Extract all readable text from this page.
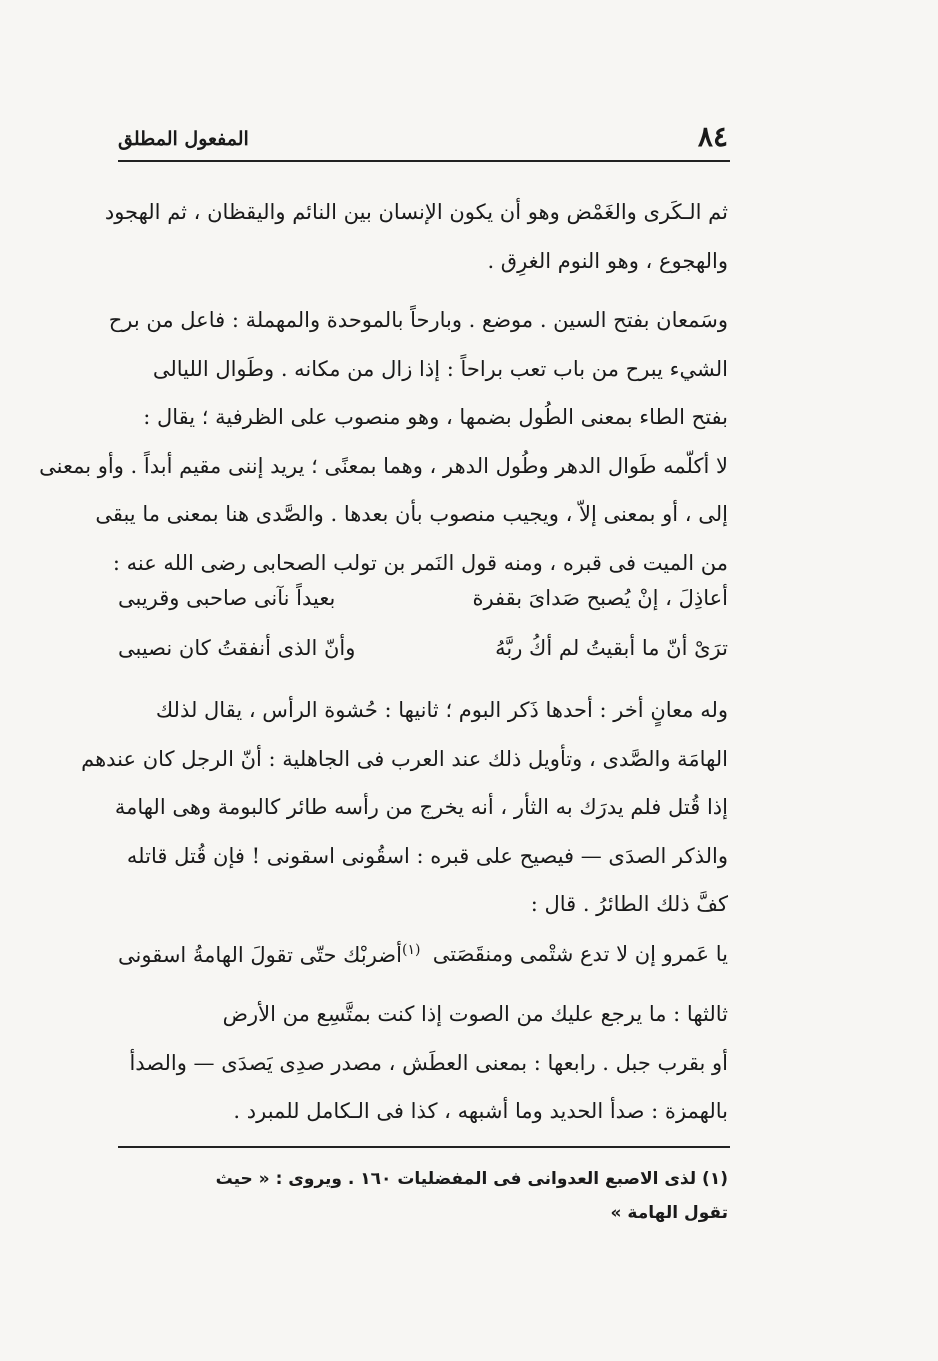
٨٤
المفعول المطلق
ثم الـكَرى والغَمْض وهو أن يكون الإنسان بين النائم واليقظان ، ثم الهجود
والهجوع ، وهو النوم الغرِق .
وسَمعان بفتح السين . موضع . وبارحاً بالموحدة والمهملة : فاعل من برح
الشيء يبرح من باب تعب براحاً : إذا زال من مكانه . وطَوال الليالى
بفتح الطاء بمعنى الطُول بضمها ، وهو منصوب على الظرفية ؛ يقال :
لا أكلّمه طَوال الدهر وطُول الدهر ، وهما بمعنًى ؛ يريد إننى مقيم أبداً . وأو بمعنى
إلى ، أو بمعنى إلاّ ، ويجيب منصوب بأن بعدها . والصَّدى هنا بمعنى ما يبقى
من الميت فى قبره ، ومنه قول النَمر بن تولب الصحابى رضى الله عنه :
أعاذِلَ ، إنْ يُصبح صَداىَ بقفرة
بعيداً نآنى صاحبى وقريبى
ترَىْ أنّ ما أبقيتُ لم أكُ ربَّهُ
وأنّ الذى أنفقتُ كان نصيبى
وله معانٍ أخر : أحدها ذَكر البوم ؛ ثانيها : حُشوة الرأس ، يقال لذلك
الهامَة والصَّدى ، وتأويل ذلك عند العرب فى الجاهلية : أنّ الرجل كان عندهم
إذا قُتل فلم يدرَك به الثأر ، أنه يخرج من رأسه طائر كالبومة وهى الهامة
والذكر الصدَى — فيصيح على قبره : اسقُونى اسقونى ! فإن قُتل قاتله
كفَّ ذلك الطائرُ . قال :
يا عَمرو إن لا تدع شتْمى ومنقَصَتى
$^{(١)}$أضربْك حتّى تقولَ الهامةُ اسقونى
ثالثها : ما يرجع عليك من الصوت إذا كنت بمتَّسِع من الأرض
أو بقرب جبل . رابعها : بمعنى العطَش ، مصدر صدِى يَصدَى — والصدأ
بالهمزة : صدأ الحديد وما أشبهه ، كذا فى الـكامل للمبرد .
(١) لذى الاصبع العدوانى فى المفضليات ١٦٠ . ويروى : « حيث
تقول الهامة »
